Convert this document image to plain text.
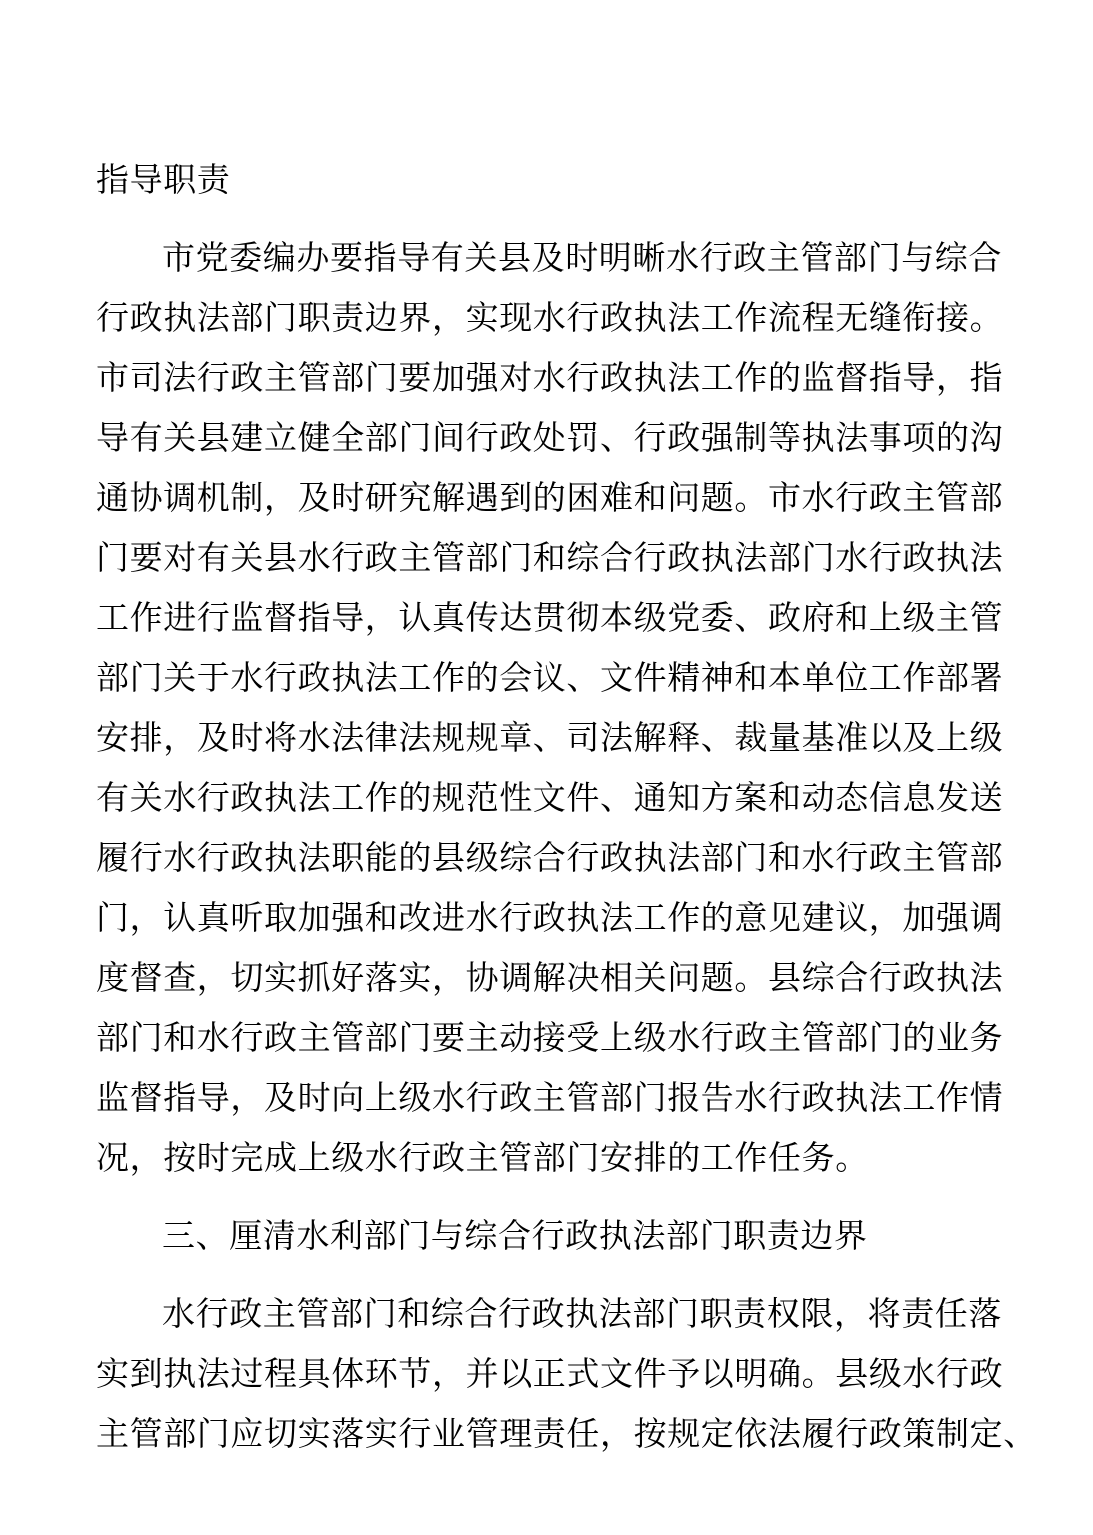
指导职责
市党委编办要指导有关县及时明晰水行政主管部门与综合
行政执法部门职责边界，实现水行政执法工作流程无缝衔接。
市司法行政主管部门要加强对水行政执法工作的监督指导，指
导有关县建立健全部门间行政处罚、行政强制等执法事项的沟
通协调机制，及时研究解遇到的困难和问题。市水行政主管部
门要对有关县水行政主管部门和综合行政执法部门水行政执法
工作进行监督指导，认真传达贯彻本级党委、政府和上级主管
部门关于水行政执法工作的会议、文件精神和本单位工作部署
安排，及时将水法律法规规章、司法解释、裁量基准以及上级
有关水行政执法工作的规范性文件、通知方案和动态信息发送
履行水行政执法职能的县级综合行政执法部门和水行政主管部
门，认真听取加强和改进水行政执法工作的意见建议，加强调
度督查，切实抓好落实，协调解决相关问题。县综合行政执法
部门和水行政主管部门要主动接受上级水行政主管部门的业务
监督指导，及时向上级水行政主管部门报告水行政执法工作情
况，按时完成上级水行政主管部门安排的工作任务。
三、厘清水利部门与综合行政执法部门职责边界
水行政主管部门和综合行政执法部门职责权限，将责任落
实到执法过程具体环节，并以正式文件予以明确。县级水行政
主管部门应切实落实行业管理责任，按规定依法履行政策制定、
